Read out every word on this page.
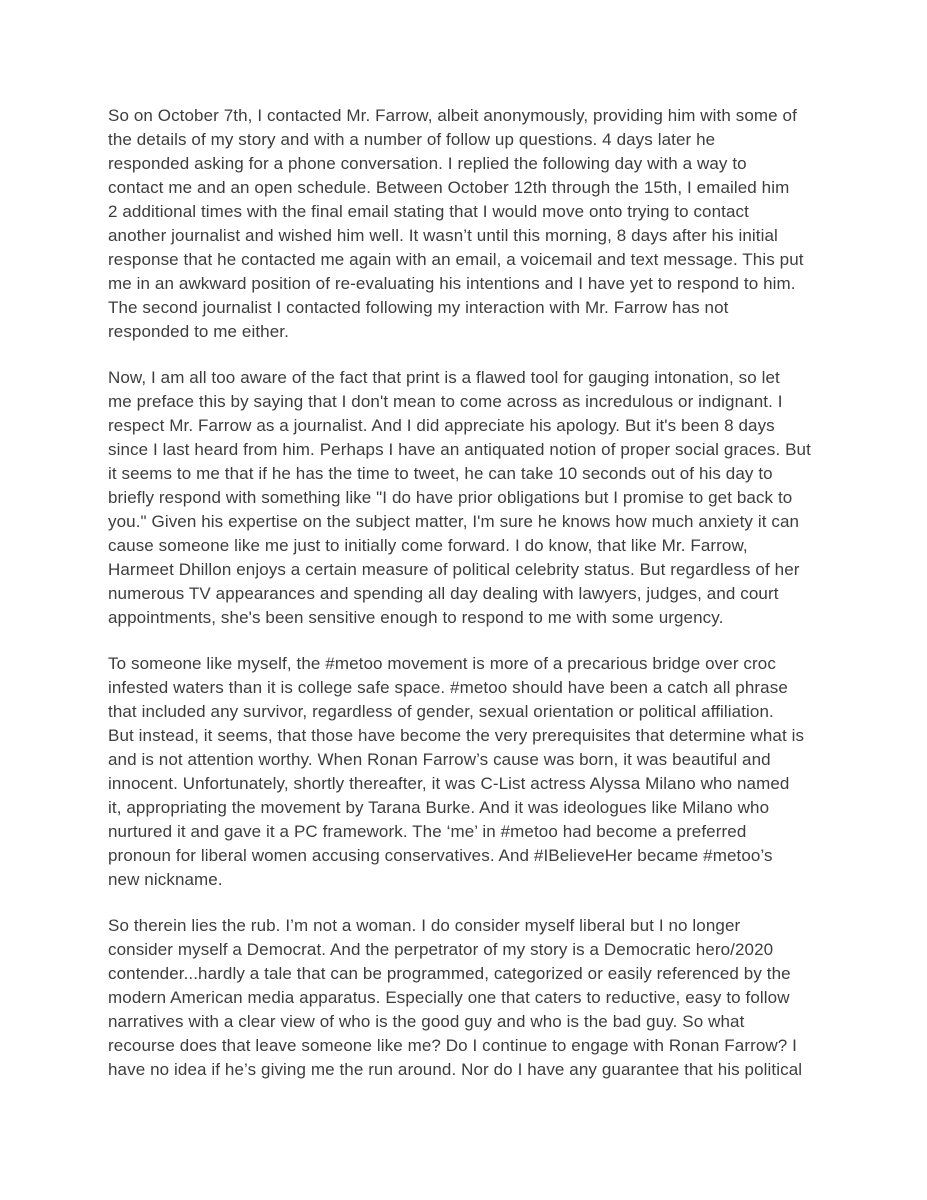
So on October 7th, I contacted Mr. Farrow, albeit anonymously, providing him with some of
the details of my story and with a number of follow up questions. 4 days later he
responded asking for a phone conversation. I replied the following day with a way to
contact me and an open schedule. Between October 12th through the 15th, I emailed him
2 additional times with the final email stating that I would move onto trying to contact
another journalist and wished him well. It wasn’t until this morning, 8 days after his initial
response that he contacted me again with an email, a voicemail and text message. This put
me in an awkward position of re-evaluating his intentions and I have yet to respond to him.
The second journalist I contacted following my interaction with Mr. Farrow has not
responded to me either.
Now, I am all too aware of the fact that print is a flawed tool for gauging intonation, so let
me preface this by saying that I don't mean to come across as incredulous or indignant. I
respect Mr. Farrow as a journalist. And I did appreciate his apology. But it's been 8 days
since I last heard from him. Perhaps I have an antiquated notion of proper social graces. But
it seems to me that if he has the time to tweet, he can take 10 seconds out of his day to
briefly respond with something like "I do have prior obligations but I promise to get back to
you." Given his expertise on the subject matter, I'm sure he knows how much anxiety it can
cause someone like me just to initially come forward. I do know, that like Mr. Farrow,
Harmeet Dhillon enjoys a certain measure of political celebrity status. But regardless of her
numerous TV appearances and spending all day dealing with lawyers, judges, and court
appointments, she's been sensitive enough to respond to me with some urgency.
To someone like myself, the #metoo movement is more of a precarious bridge over croc
infested waters than it is college safe space. #metoo should have been a catch all phrase
that included any survivor, regardless of gender, sexual orientation or political affiliation.
But instead, it seems, that those have become the very prerequisites that determine what is
and is not attention worthy. When Ronan Farrow’s cause was born, it was beautiful and
innocent. Unfortunately, shortly thereafter, it was C-List actress Alyssa Milano who named
it, appropriating the movement by Tarana Burke. And it was ideologues like Milano who
nurtured it and gave it a PC framework. The ‘me’ in #metoo had become a preferred
pronoun for liberal women accusing conservatives. And #IBelieveHer became #metoo’s
new nickname.
So therein lies the rub. I’m not a woman. I do consider myself liberal but I no longer
consider myself a Democrat. And the perpetrator of my story is a Democratic hero/2020
contender...hardly a tale that can be programmed, categorized or easily referenced by the
modern American media apparatus. Especially one that caters to reductive, easy to follow
narratives with a clear view of who is the good guy and who is the bad guy. So what
recourse does that leave someone like me? Do I continue to engage with Ronan Farrow? I
have no idea if he’s giving me the run around. Nor do I have any guarantee that his political
